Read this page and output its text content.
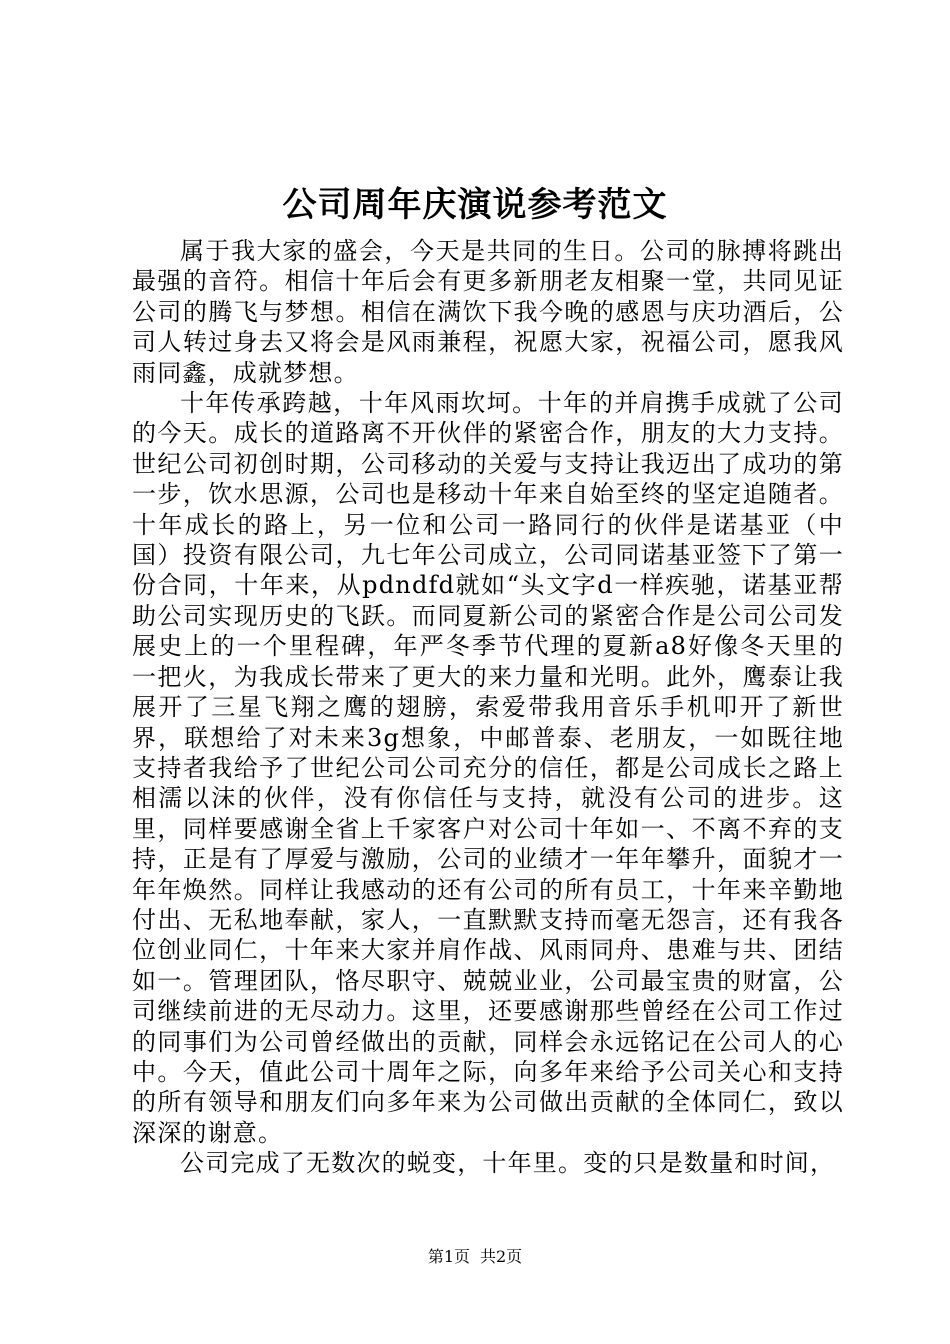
公司周年庆演说参考范文

属于我大家的盛会，今天是共同的生日。公司的脉搏将跳出最强的音符。相信十年后会有更多新朋老友相聚一堂，共同见证公司的腾飞与梦想。相信在满饮下我今晚的感恩与庆功酒后，公司人转过身去又将会是风雨兼程，祝愿大家，祝福公司，愿我风雨同鑫，成就梦想。

十年传承跨越，十年风雨坎坷。十年的并肩携手成就了公司的今天。成长的道路离不开伙伴的紧密合作，朋友的大力支持。世纪公司初创时期，公司移动的关爱与支持让我迈出了成功的第一步，饮水思源，公司也是移动十年来自始至终的坚定追随者。十年成长的路上，另一位和公司一路同行的伙伴是诺基亚（中国）投资有限公司，九七年公司成立，公司同诺基亚签下了第一份合同，十年来，从pdndfd就如“头文字d一样疾驰，诺基亚帮助公司实现历史的飞跃。而同夏新公司的紧密合作是公司公司发展史上的一个里程碑，年严冬季节代理的夏新a8好像冬天里的一把火，为我成长带来了更大的来力量和光明。此外，鹰泰让我展开了三星飞翔之鹰的翅膀，索爱带我用音乐手机叩开了新世界，联想给了对未来3g想象，中邮普泰、老朋友，一如既往地支持者我给予了世纪公司公司充分的信任，都是公司成长之路上相濡以沫的伙伴，没有你信任与支持，就没有公司的进步。这里，同样要感谢全省上千家客户对公司十年如一、不离不弃的支持，正是有了厚爱与激励，公司的业绩才一年年攀升，面貌才一年年焕然。同样让我感动的还有公司的所有员工，十年来辛勤地付出、无私地奉献，家人，一直默默支持而毫无怨言，还有我各位创业同仁，十年来大家并肩作战、风雨同舟、患难与共、团结如一。管理团队，恪尽职守、兢兢业业，公司最宝贵的财富，公司继续前进的无尽动力。这里，还要感谢那些曾经在公司工作过的同事们为公司曾经做出的贡献，同样会永远铭记在公司人的心中。今天，值此公司十周年之际，向多年来给予公司关心和支持的所有领导和朋友们向多年来为公司做出贡献的全体同仁，致以深深的谢意。

公司完成了无数次的蜕变，十年里。变的只是数量和时间，

第1页 共2页
